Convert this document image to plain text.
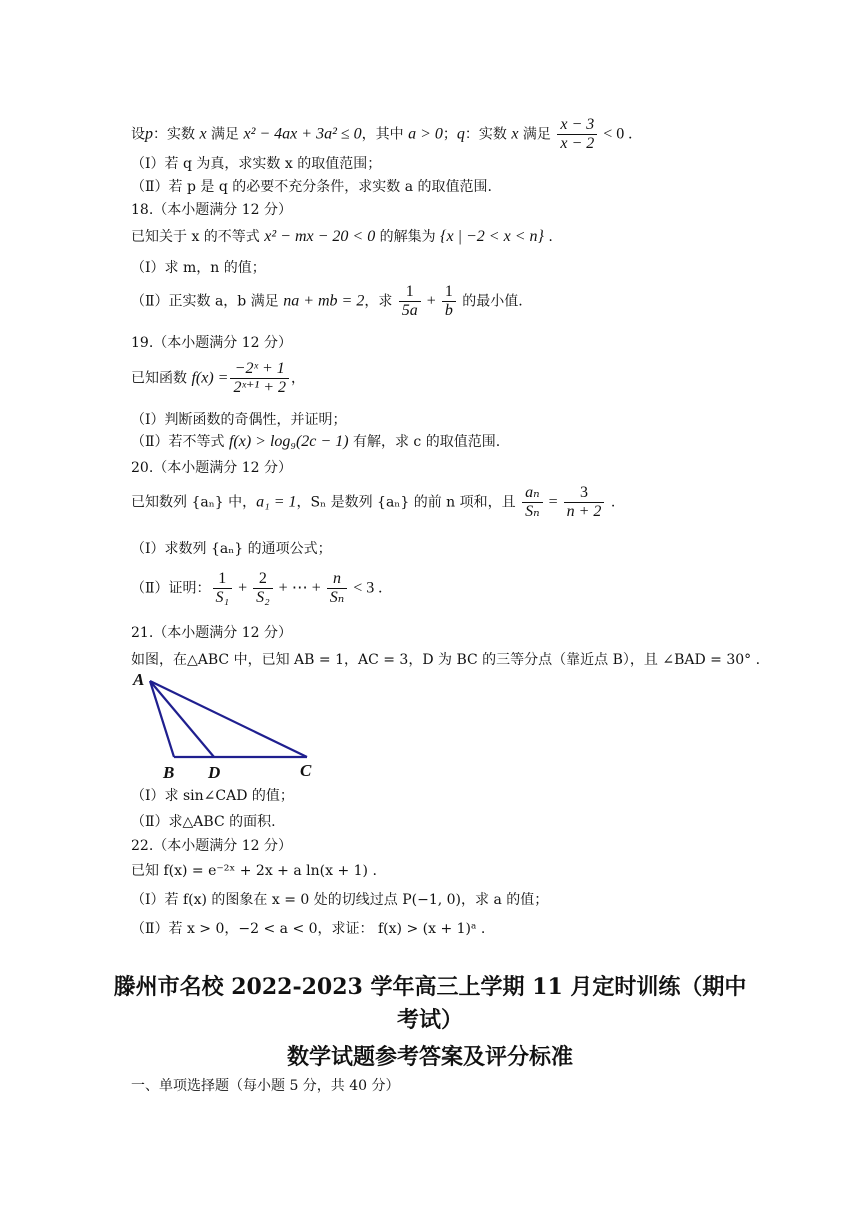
设p：实数 x 满足 x² − 4ax + 3a² ≤ 0，其中 a > 0；q：实数 x 满足 $\frac{x - 3}{x - 2} < 0$ .
（Ⅰ）若 q 为真，求实数 x 的取值范围；
（Ⅱ）若 p 是 q 的必要不充分条件，求实数 a 的取值范围.
18.（本小题满分 12 分）
已知关于 x 的不等式 x² − mx − 20 < 0 的解集为 {x | −2 < x < n} .
（Ⅰ）求 m，n 的值；
（Ⅱ）正实数 a，b 满足 na + mb = 2，求 $\frac{1}{5a} + \frac{1}{b}$ 的最小值.
19.（本小题满分 12 分）
已知函数 $f(x) = \frac{\text{−2ˣ + 1}}{\text{2ˣ⁺¹ + 2}}$ ，
（Ⅰ）判断函数的奇偶性，并证明；
（Ⅱ）若不等式 f(x) > log₉(2c − 1) 有解，求 c 的取值范围.
20.（本小题满分 12 分）
已知数列 {aₙ} 中，a₁ = 1，Sₙ 是数列 {aₙ} 的前 n 项和，且 $\frac{\text{aₙ}}{\text{Sₙ}} = \frac{3}{n + 2}$ .
（Ⅰ）求数列 {aₙ} 的通项公式；
（Ⅱ）证明： $\frac{1}{\text{S₁}} + \frac{2}{\text{S₂}}$ + ⋯ + $\frac{n}{\text{Sₙ}} < 3$ .
21.（本小题满分 12 分）
如图，在△ABC 中，已知 AB = 1，AC = 3，D 为 BC 的三等分点（靠近点 B），且 ∠BAD = 30° .
A
B D	C
（Ⅰ）求 sin∠CAD 的值；
（Ⅱ）求△ABC 的面积.
22.（本小题满分 12 分）
已知 f(x) = e⁻²ˣ + 2x + a ln(x + 1) .
（Ⅰ）若 f(x) 的图象在 x = 0 处的切线过点 P(−1, 0)，求 a 的值；
（Ⅱ）若 x > 0，−2 < a < 0，求证： f(x) > (x + 1)ᵃ .
滕州市名校 2022-2023 学年高三上学期 11 月定时训练（期中
考试）
数学试题参考答案及评分标准
一、单项选择题（每小题 5 分，共 40 分）
